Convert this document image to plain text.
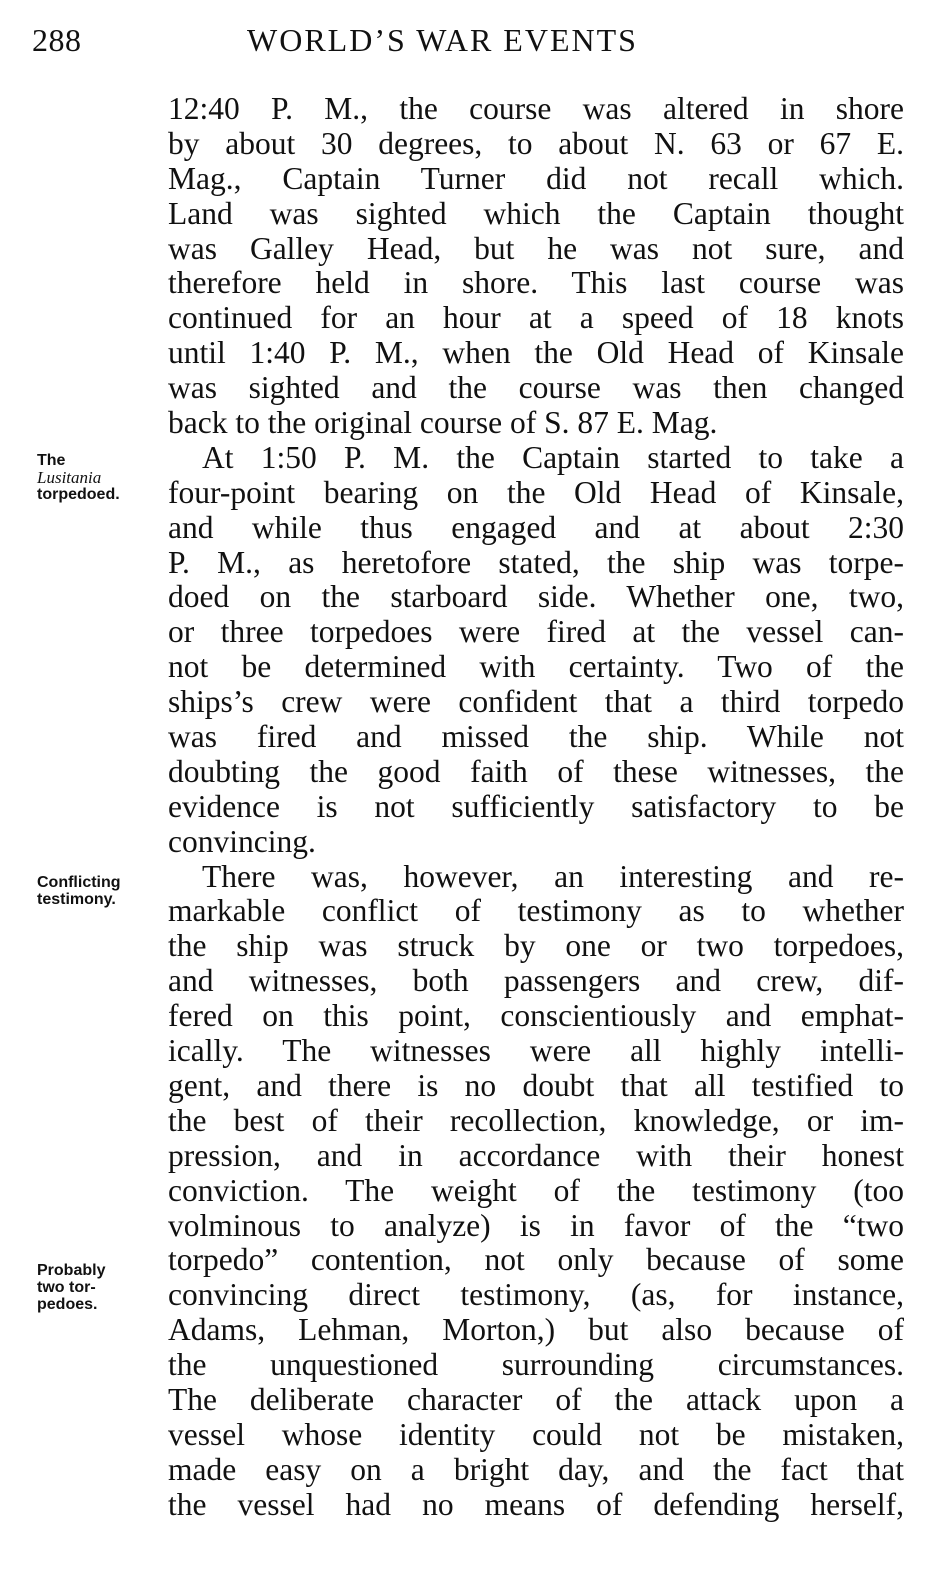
288	WORLD’S WAR EVENTS
The
Lusitania
torpedoed.
Conflicting
testimony.
Probably
two tor-
pedoes.
12:40 P. M., the course was altered in shore
by about 30 degrees, to about N. 63 or 67 E.
Mag., Captain Turner did not recall which.
Land was sighted which the Captain thought
was Galley Head, but he was not sure, and
therefore held in shore. This last course was
continued for an hour at a speed of 18 knots
until 1:40 P. M., when the Old Head of Kinsale
was sighted and the course was then changed
back to the original course of S. 87 E. Mag.
At 1:50 P. M. the Captain started to take a
four-point bearing on the Old Head of Kinsale,
and while thus engaged and at about 2:30
P. M., as heretofore stated, the ship was torpe-
doed on the starboard side. Whether one, two,
or three torpedoes were fired at the vessel can-
not be determined with certainty. Two of the
ships’s crew were confident that a third torpedo
was fired and missed the ship. While not
doubting the good faith of these witnesses, the
evidence is not sufficiently satisfactory to be
convincing.
There was, however, an interesting and re-
markable conflict of testimony as to whether
the ship was struck by one or two torpedoes,
and witnesses, both passengers and crew, dif-
fered on this point, conscientiously and emphat-
ically. The witnesses were all highly intelli-
gent, and there is no doubt that all testified to
the best of their recollection, knowledge, or im-
pression, and in accordance with their honest
conviction. The weight of the testimony (too
volminous to analyze) is in favor of the “two
torpedo” contention, not only because of some
convincing direct testimony, (as, for instance,
Adams, Lehman, Morton,) but also because of
the unquestioned surrounding circumstances.
The deliberate character of the attack upon a
vessel whose identity could not be mistaken,
made easy on a bright day, and the fact that
the vessel had no means of defending herself,
